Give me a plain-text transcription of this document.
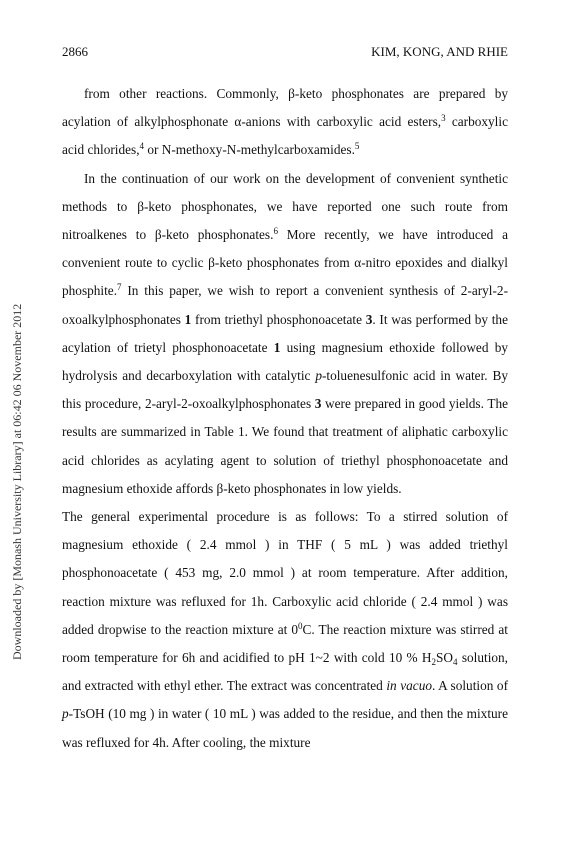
2866	KIM, KONG, AND RHIE
Downloaded by [Monash University Library] at 06:42 06 November 2012

from other reactions. Commonly, β-keto phosphonates are prepared by acylation of alkylphosphonate α-anions with carboxylic acid esters,$^3$ carboxylic acid chlorides,$^4$ or N-methoxy-N-methylcarboxamides.$^5$

In the continuation of our work on the development of convenient synthetic methods to β-keto phosphonates, we have reported one such route from nitroalkenes to β-keto phosphonates.$^6$ More recently, we have introduced a convenient route to cyclic β-keto phosphonates from α-nitro epoxides and dialkyl phosphite.$^7$ In this paper, we wish to report a convenient synthesis of 2-aryl-2-oxoalkylphosphonates 1 from triethyl phosphonoacetate 3. It was performed by the acylation of trietyl phosphonoacetate 1 using magnesium ethoxide followed by hydrolysis and decarboxylation with catalytic p-toluenesulfonic acid in water. By this procedure, 2-aryl-2-oxoalkylphosphonates 3 were prepared in good yields. The results are summarized in Table 1. We found that treatment of aliphatic carboxylic acid chlorides as acylating agent to solution of triethyl phosphonoacetate and magnesium ethoxide affords β-keto phosphonates in low yields.

The general experimental procedure is as follows: To a stirred solution of magnesium ethoxide ( 2.4 mmol ) in THF ( 5 mL ) was added triethyl phosphonoacetate ( 453 mg, 2.0 mmol ) at room temperature. After addition, reaction mixture was refluxed for 1h. Carboxylic acid chloride ( 2.4 mmol ) was added dropwise to the reaction mixture at $0^0C$. The reaction mixture was stirred at room temperature for 6h and acidified to pH 1~2 with cold 10 % $H_2SO_4$ solution, and extracted with ethyl ether. The extract was concentrated in vacuo. A solution of p-TsOH (10 mg ) in water ( 10 mL ) was added to the residue, and then the mixture was refluxed for 4h. After cooling, the mixture
